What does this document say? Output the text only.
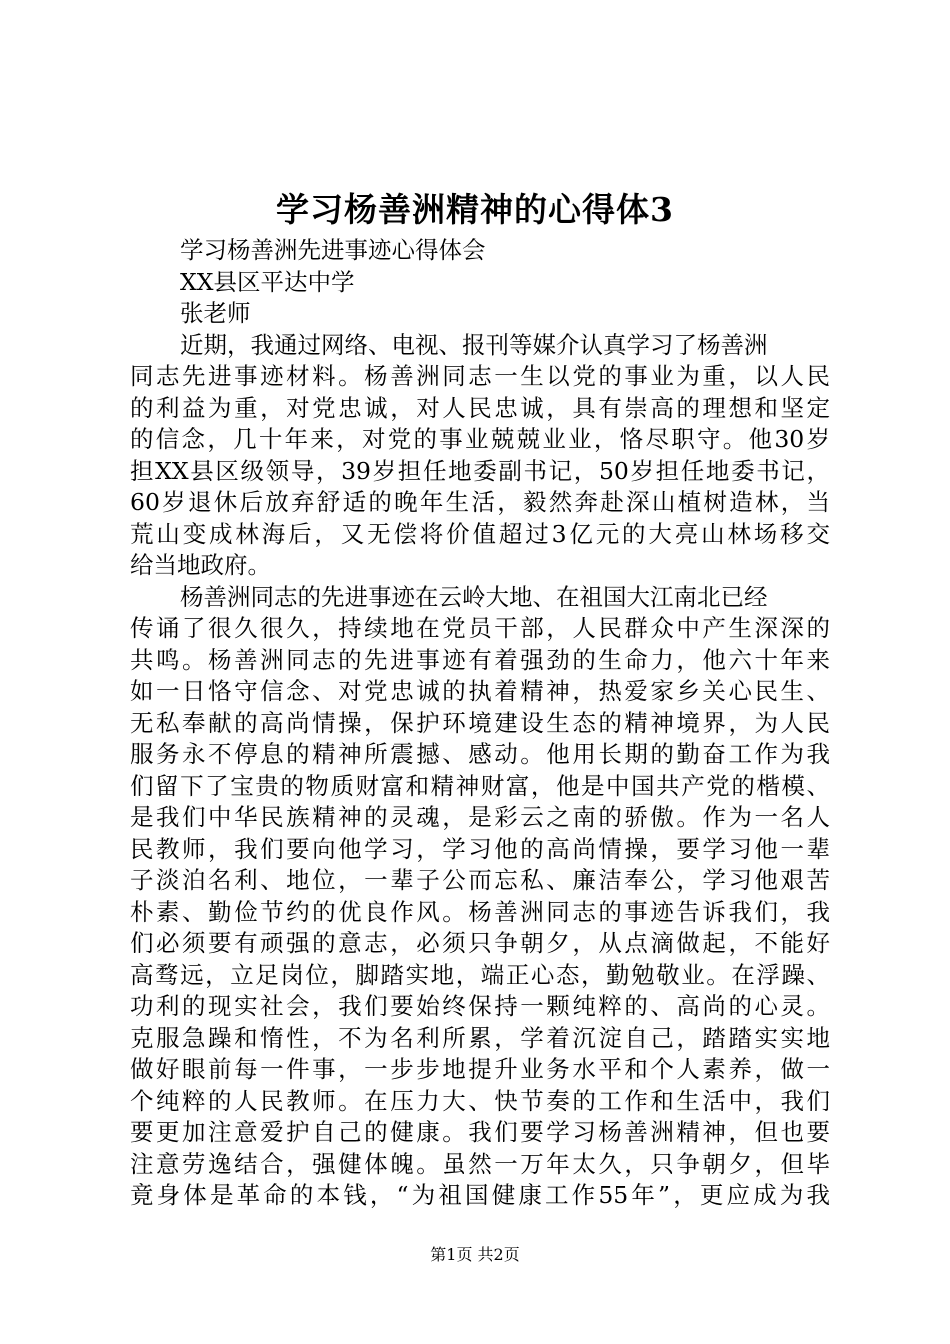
学习杨善洲精神的心得体3
学习杨善洲先进事迹心得体会
XX县区平达中学
张老师
近期，我通过网络、电视、报刊等媒介认真学习了杨善洲
同志先进事迹材料。杨善洲同志一生以党的事业为重，以人民
的利益为重，对党忠诚，对人民忠诚，具有崇高的理想和坚定
的信念，几十年来，对党的事业兢兢业业，恪尽职守。他30岁
担XX县区级领导，39岁担任地委副书记，50岁担任地委书记，
60岁退休后放弃舒适的晚年生活，毅然奔赴深山植树造林，当
荒山变成林海后，又无偿将价值超过3亿元的大亮山林场移交
给当地政府。
杨善洲同志的先进事迹在云岭大地、在祖国大江南北已经
传诵了很久很久，持续地在党员干部，人民群众中产生深深的
共鸣。杨善洲同志的先进事迹有着强劲的生命力，他六十年来
如一日恪守信念、对党忠诚的执着精神，热爱家乡关心民生、
无私奉献的高尚情操，保护环境建设生态的精神境界，为人民
服务永不停息的精神所震撼、感动。他用长期的勤奋工作为我
们留下了宝贵的物质财富和精神财富，他是中国共产党的楷模、
是我们中华民族精神的灵魂，是彩云之南的骄傲。作为一名人
民教师，我们要向他学习，学习他的高尚情操，要学习他一辈
子淡泊名利、地位，一辈子公而忘私、廉洁奉公，学习他艰苦
朴素、勤俭节约的优良作风。杨善洲同志的事迹告诉我们，我
们必须要有顽强的意志，必须只争朝夕，从点滴做起，不能好
高骛远，立足岗位，脚踏实地，端正心态，勤勉敬业。在浮躁、
功利的现实社会，我们要始终保持一颗纯粹的、高尚的心灵。
克服急躁和惰性，不为名利所累，学着沉淀自己，踏踏实实地
做好眼前每一件事，一步步地提升业务水平和个人素养，做一
个纯粹的人民教师。在压力大、快节奏的工作和生活中，我们
要更加注意爱护自己的健康。我们要学习杨善洲精神，但也要
注意劳逸结合，强健体魄。虽然一万年太久，只争朝夕，但毕
竟身体是革命的本钱，“为祖国健康工作55年”，更应成为我
第1页 共2页
